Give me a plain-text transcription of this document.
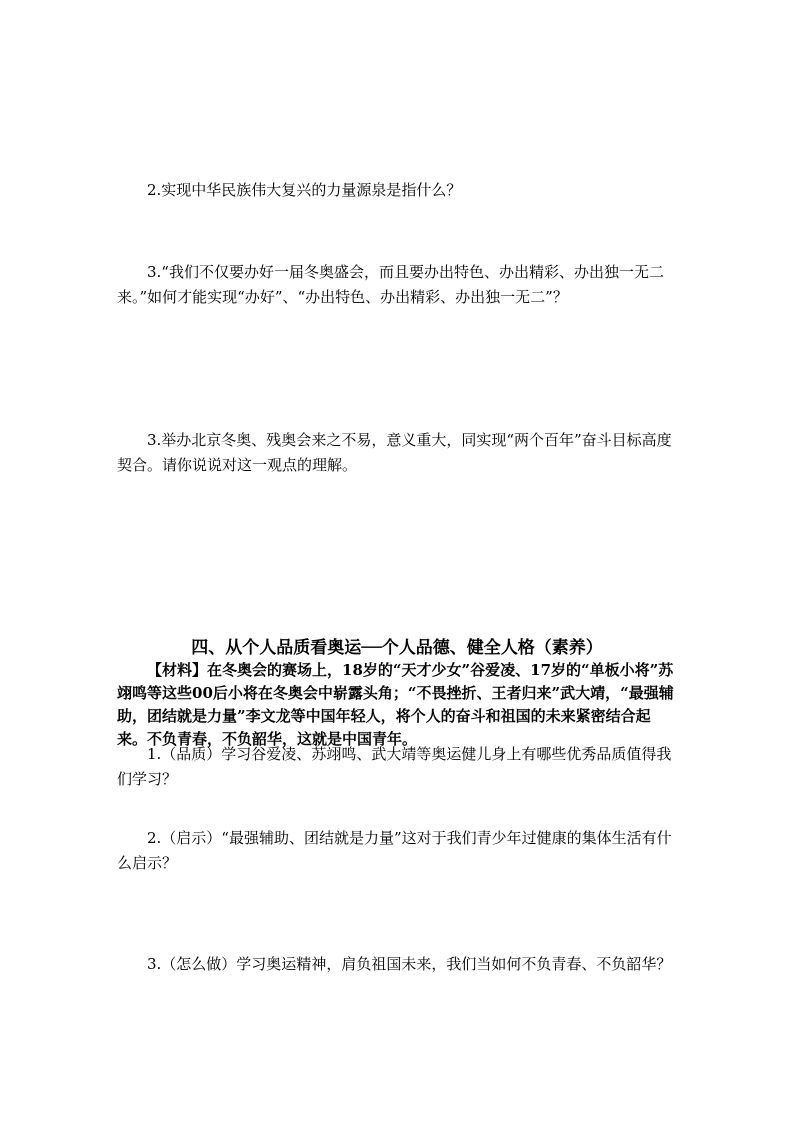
2.实现中华民族伟大复兴的力量源泉是指什么？

3.“我们不仅要办好一届冬奥盛会，而且要办出特色、办出精彩、办出独一无二来。”如何才能实现“办好”、“办出特色、办出精彩、办出独一无二”？

3.举办北京冬奥、残奥会来之不易，意义重大，同实现“两个百年”奋斗目标高度契合。请你说说对这一观点的理解。

四、从个人品质看奥运──个人品德、健全人格（素养）

【材料】在冬奥会的赛场上，18岁的“天才少女”谷爱凌、17岁的“单板小将”苏翊鸣等这些00后小将在冬奥会中崭露头角；“不畏挫折、王者归来”武大靖，“最强辅助，团结就是力量”李文龙等中国年轻人，将个人的奋斗和祖国的未来紧密结合起来。不负青春，不负韶华，这就是中国青年。

1.（品质）学习谷爱凌、苏翊鸣、武大靖等奥运健儿身上有哪些优秀品质值得我们学习？

2.（启示）“最强辅助、团结就是力量”这对于我们青少年过健康的集体生活有什么启示？

3.（怎么做）学习奥运精神，肩负祖国未来，我们当如何不负青春、不负韶华？
